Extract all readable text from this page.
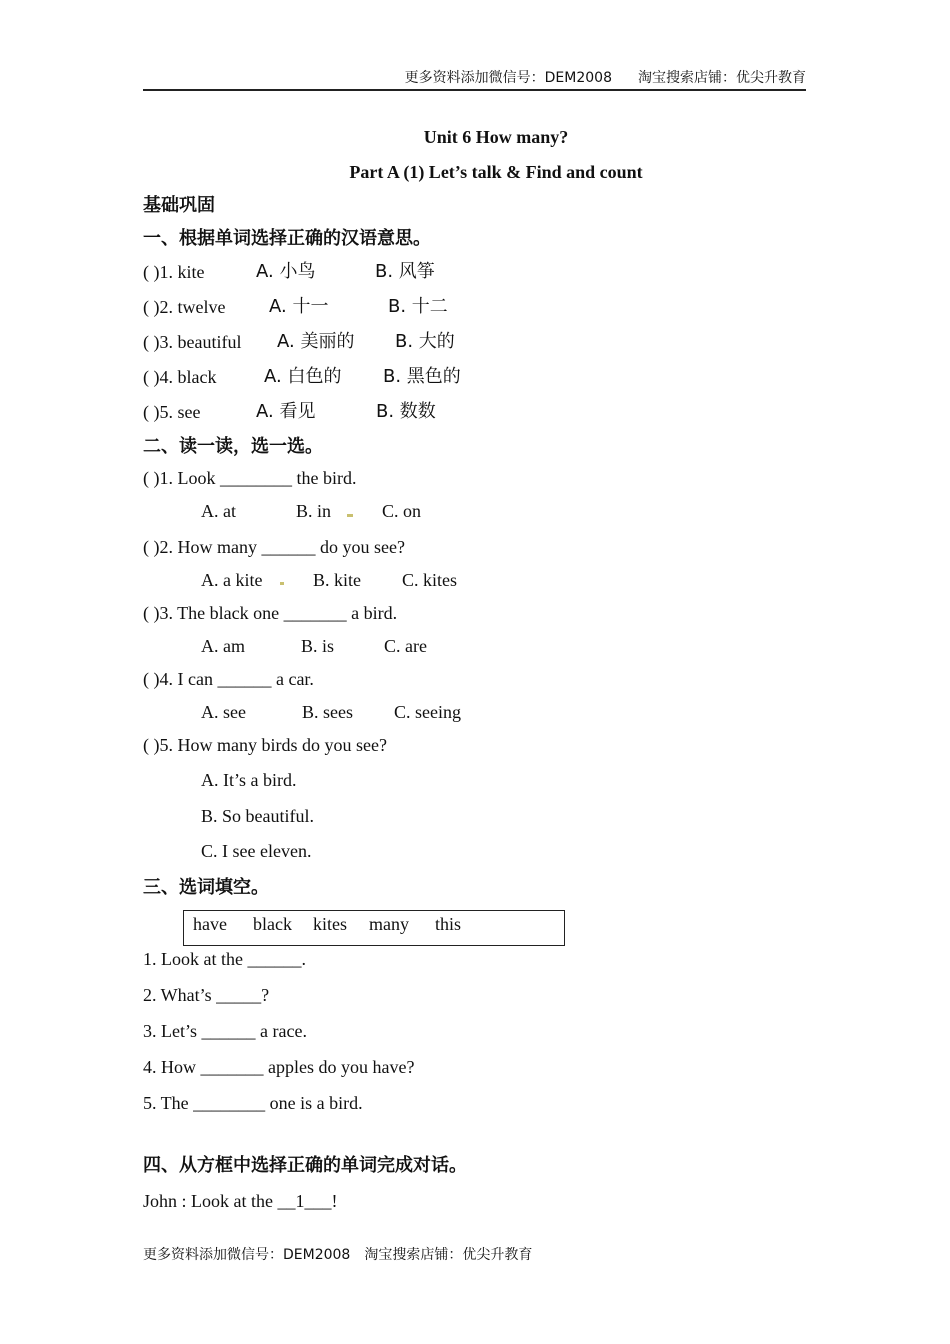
更多资料添加微信号：DEM2008 淘宝搜索店铺：优尖升教育
Unit 6 How many?
Part A (1) Let’s talk & Find and count
基础巩固
一、根据单词选择正确的汉语意思。
( )1. kite	A. 小鸟	B. 风筝
( )2. twelve A. 十一	B. 十二
( )3. beautiful A. 美丽的 B. 大的
( )4. black	A. 白色的 B. 黑色的
( )5. see	A. 看见	B. 数数
二、读一读，选一选。
( )1. Look ________ the bird.
A. at	B. in	C. on
( )2. How many ______ do you see?
A. a kite	B. kite C. kites
( )3. The black one _______ a bird.
A. am	B. is	C. are
( )4. I can ______ a car.
A. see	B. sees C. seeing
( )5. How many birds do you see?
A. It’s a bird.
B. So beautiful.
C. I see eleven.
三、选词填空。
have black kites many this
1. Look at the ______.
2. What’s _____?
3. Let’s ______ a race.
4. How _______ apples do you have?
5. The ________ one is a bird.
四、从方框中选择正确的单词完成对话。
John : Look at the __1___!
更多资料添加微信号：DEM2008 淘宝搜索店铺：优尖升教育
